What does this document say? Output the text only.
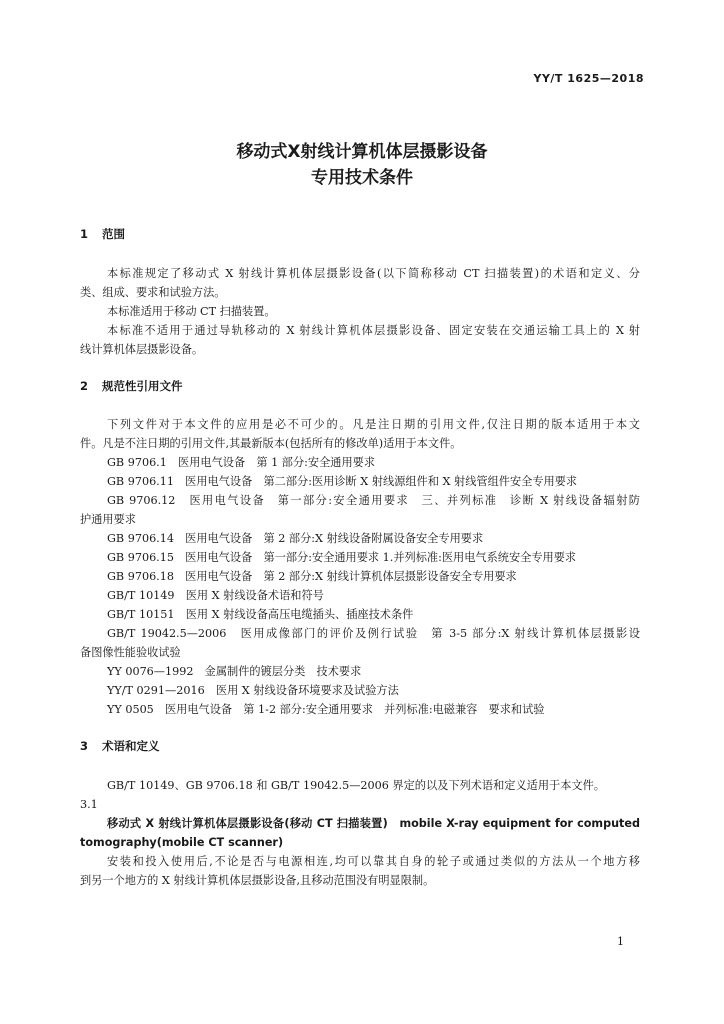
YY/T 1625—2018
移动式X射线计算机体层摄影设备
专用技术条件
1 范围
本标准规定了移动式 X 射线计算机体层摄影设备(以下简称移动 CT 扫描装置)的术语和定义、分
类、组成、要求和试验方法。
本标准适用于移动 CT 扫描装置。
本标准不适用于通过导轨移动的 X 射线计算机体层摄影设备、固定安装在交通运输工具上的 X 射
线计算机体层摄影设备。
2 规范性引用文件
下列文件对于本文件的应用是必不可少的。凡是注日期的引用文件,仅注日期的版本适用于本文
件。凡是不注日期的引用文件,其最新版本(包括所有的修改单)适用于本文件。
GB 9706.1　医用电气设备　第 1 部分:安全通用要求
GB 9706.11　医用电气设备　第二部分:医用诊断 X 射线源组件和 X 射线管组件安全专用要求
GB 9706.12　医用电气设备　第一部分:安全通用要求　三、并列标准　诊断 X 射线设备辐射防
护通用要求
GB 9706.14　医用电气设备　第 2 部分:X 射线设备附属设备安全专用要求
GB 9706.15　医用电气设备　第一部分:安全通用要求 1.并列标准:医用电气系统安全专用要求
GB 9706.18　医用电气设备　第 2 部分:X 射线计算机体层摄影设备安全专用要求
GB/T 10149　医用 X 射线设备术语和符号
GB/T 10151　医用 X 射线设备高压电缆插头、插座技术条件
GB/T 19042.5—2006　医用成像部门的评价及例行试验　第 3-5 部分:X 射线计算机体层摄影设
备图像性能验收试验
YY 0076—1992　金属制件的镀层分类　技术要求
YY/T 0291—2016　医用 X 射线设备环境要求及试验方法
YY 0505　医用电气设备　第 1-2 部分:安全通用要求　并列标准:电磁兼容　要求和试验
3 术语和定义
GB/T 10149、GB 9706.18 和 GB/T 19042.5—2006 界定的以及下列术语和定义适用于本文件。
3.1
移动式 X 射线计算机体层摄影设备(移动 CT 扫描装置)　mobile X-ray equipment for computed
tomography(mobile CT scanner)
安装和投入使用后,不论是否与电源相连,均可以靠其自身的轮子或通过类似的方法从一个地方移
到另一个地方的 X 射线计算机体层摄影设备,且移动范围没有明显限制。
1
